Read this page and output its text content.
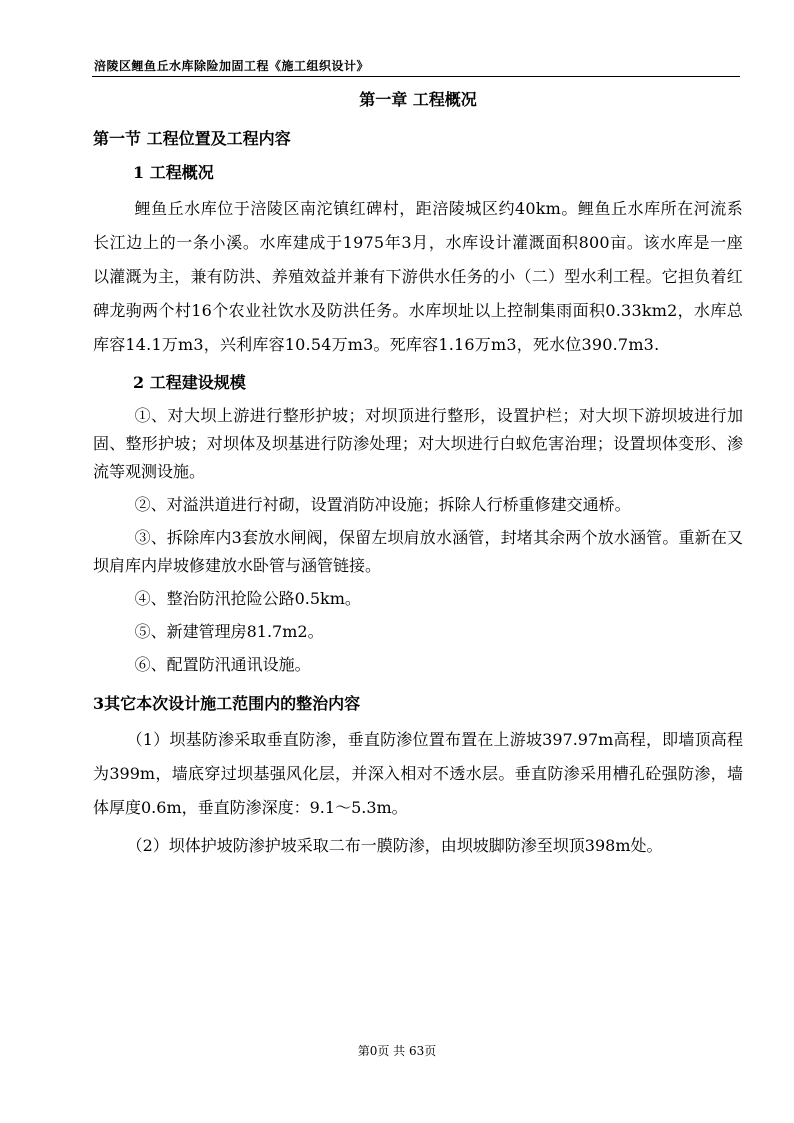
涪陵区鲤鱼丘水库除险加固工程《施工组织设计》
第一章 工程概况
第一节 工程位置及工程内容
1 工程概况

鲤鱼丘水库位于涪陵区南沱镇红碑村，距涪陵城区约40km。鲤鱼丘水库所在河流系长江边上的一条小溪。水库建成于1975年3月，水库设计灌溉面积800亩。该水库是一座以灌溉为主，兼有防洪、养殖效益并兼有下游供水任务的小（二）型水利工程。它担负着红碑龙驹两个村16个农业社饮水及防洪任务。水库坝址以上控制集雨面积0.33km2，水库总库容14.1万m3，兴利库容10.54万m3。死库容1.16万m3，死水位390.7m3.

2 工程建设规模

①、对大坝上游进行整形护坡；对坝顶进行整形，设置护栏；对大坝下游坝坡进行加固、整形护坡；对坝体及坝基进行防渗处理；对大坝进行白蚁危害治理；设置坝体变形、渗流等观测设施。

②、对溢洪道进行衬砌，设置消防冲设施；拆除人行桥重修建交通桥。

③、拆除库内3套放水闸阀，保留左坝肩放水涵管，封堵其余两个放水涵管。重新在又坝肩库内岸坡修建放水卧管与涵管链接。

④、整治防汛抢险公路0.5km。

⑤、新建管理房81.7m2。

⑥、配置防汛通讯设施。

3其它本次设计施工范围内的整治内容

（1）坝基防渗采取垂直防渗，垂直防渗位置布置在上游坡397.97m高程，即墙顶高程为399m，墙底穿过坝基强风化层，并深入相对不透水层。垂直防渗采用槽孔砼强防渗，墙体厚度0.6m，垂直防渗深度：9.1～5.3m。

（2）坝体护坡防渗护坡采取二布一膜防渗，由坝坡脚防渗至坝顶398m处。

第0页 共 63页
